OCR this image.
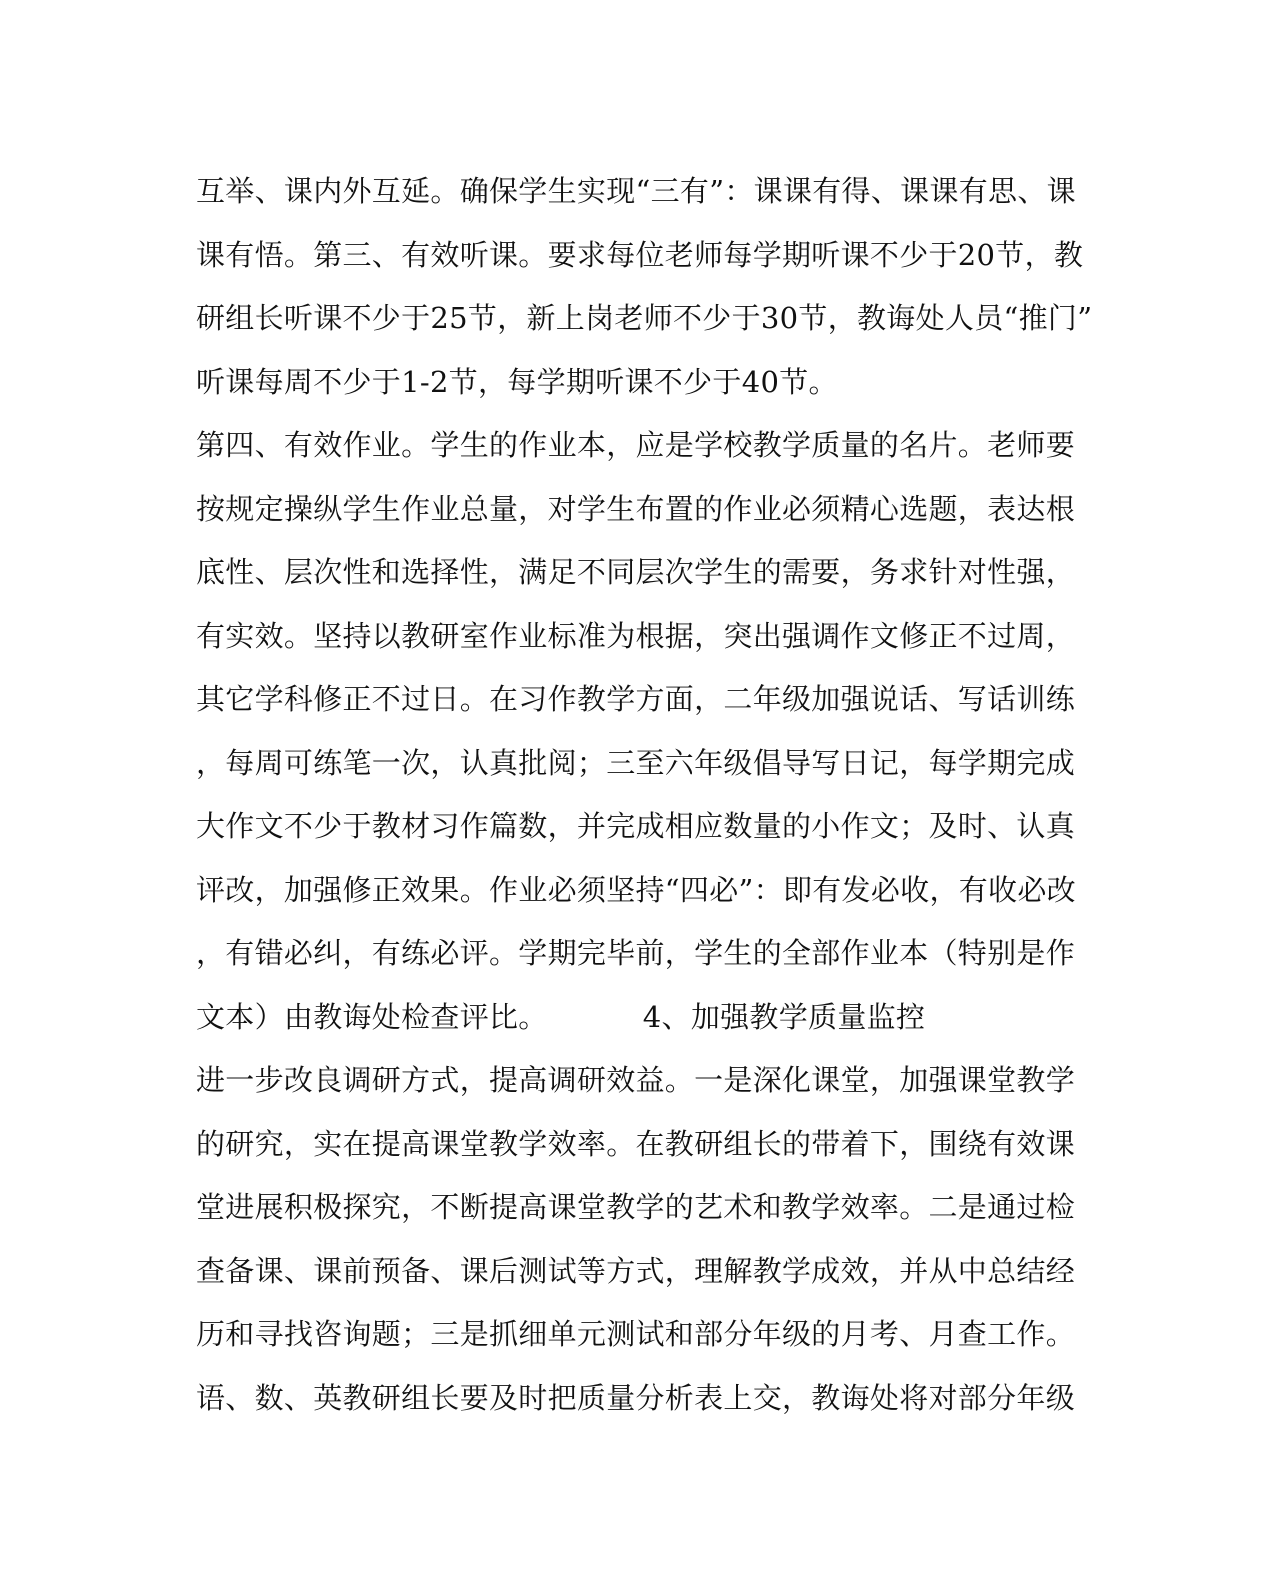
互举、课内外互延。确保学生实现“三有”：课课有得、课课有思、课
课有悟。第三、有效听课。要求每位老师每学期听课不少于20节，教
研组长听课不少于25节，新上岗老师不少于30节，教诲处人员“推门”
听课每周不少于1-2节，每学期听课不少于40节。
第四、有效作业。学生的作业本，应是学校教学质量的名片。老师要
按规定操纵学生作业总量，对学生布置的作业必须精心选题，表达根
底性、层次性和选择性，满足不同层次学生的需要，务求针对性强，
有实效。坚持以教研室作业标准为根据，突出强调作文修正不过周，
其它学科修正不过日。在习作教学方面，二年级加强说话、写话训练
，每周可练笔一次，认真批阅；三至六年级倡导写日记，每学期完成
大作文不少于教材习作篇数，并完成相应数量的小作文；及时、认真
评改，加强修正效果。作业必须坚持“四必”：即有发必收，有收必改
，有错必纠，有练必评。学期完毕前，学生的全部作业本（特别是作
文本）由教诲处检查评比。          4、加强教学质量监控
进一步改良调研方式，提高调研效益。一是深化课堂，加强课堂教学
的研究，实在提高课堂教学效率。在教研组长的带着下，围绕有效课
堂进展积极探究，不断提高课堂教学的艺术和教学效率。二是通过检
查备课、课前预备、课后测试等方式，理解教学成效，并从中总结经
历和寻找咨询题；三是抓细单元测试和部分年级的月考、月查工作。
语、数、英教研组长要及时把质量分析表上交，教诲处将对部分年级
